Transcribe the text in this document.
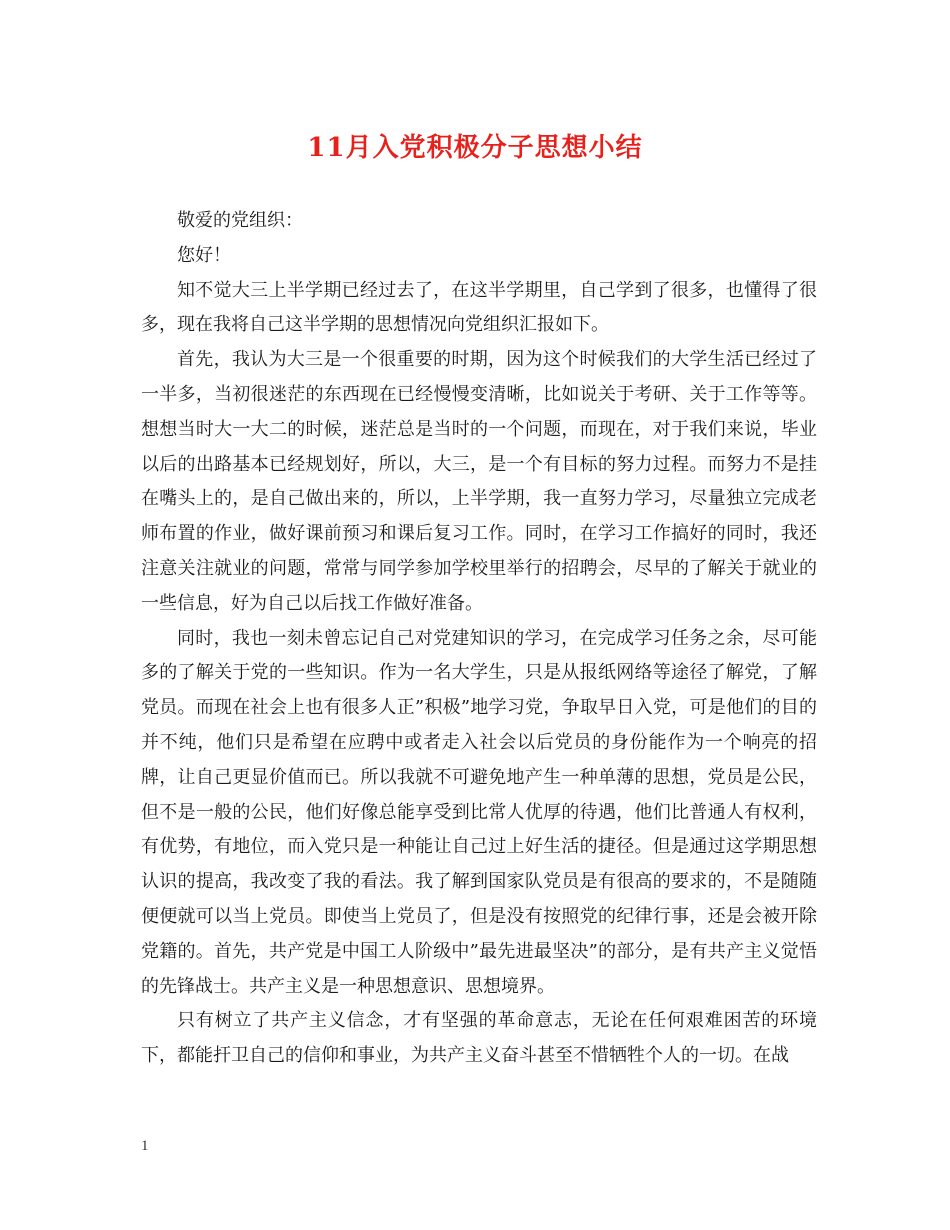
11月入党积极分子思想小结

敬爱的党组织：

您好！

知不觉大三上半学期已经过去了，在这半学期里，自己学到了很多，也懂得了很多，现在我将自己这半学期的思想情况向党组织汇报如下。

首先，我认为大三是一个很重要的时期，因为这个时候我们的大学生活已经过了一半多，当初很迷茫的东西现在已经慢慢变清晰，比如说关于考研、关于工作等等。想想当时大一大二的时候，迷茫总是当时的一个问题，而现在，对于我们来说，毕业以后的出路基本已经规划好，所以，大三，是一个有目标的努力过程。而努力不是挂在嘴头上的，是自己做出来的，所以，上半学期，我一直努力学习，尽量独立完成老师布置的作业，做好课前预习和课后复习工作。同时，在学习工作搞好的同时，我还注意关注就业的问题，常常与同学参加学校里举行的招聘会，尽早的了解关于就业的一些信息，好为自己以后找工作做好准备。

同时，我也一刻未曾忘记自己对党建知识的学习，在完成学习任务之余，尽可能多的了解关于党的一些知识。作为一名大学生，只是从报纸网络等途径了解党，了解党员。而现在社会上也有很多人正”积极”地学习党，争取早日入党，可是他们的目的并不纯，他们只是希望在应聘中或者走入社会以后党员的身份能作为一个响亮的招牌，让自己更显价值而已。所以我就不可避免地产生一种单薄的思想，党员是公民，但不是一般的公民，他们好像总能享受到比常人优厚的待遇，他们比普通人有权利，有优势，有地位，而入党只是一种能让自己过上好生活的捷径。但是通过这学期思想认识的提高，我改变了我的看法。我了解到国家队党员是有很高的要求的，不是随随便便就可以当上党员。即使当上党员了，但是没有按照党的纪律行事，还是会被开除党籍的。首先，共产党是中国工人阶级中”最先进最坚决”的部分，是有共产主义觉悟的先锋战士。共产主义是一种思想意识、思想境界。

只有树立了共产主义信念，才有坚强的革命意志，无论在任何艰难困苦的环境下，都能扞卫自己的信仰和事业，为共产主义奋斗甚至不惜牺牲个人的一切。在战

1
